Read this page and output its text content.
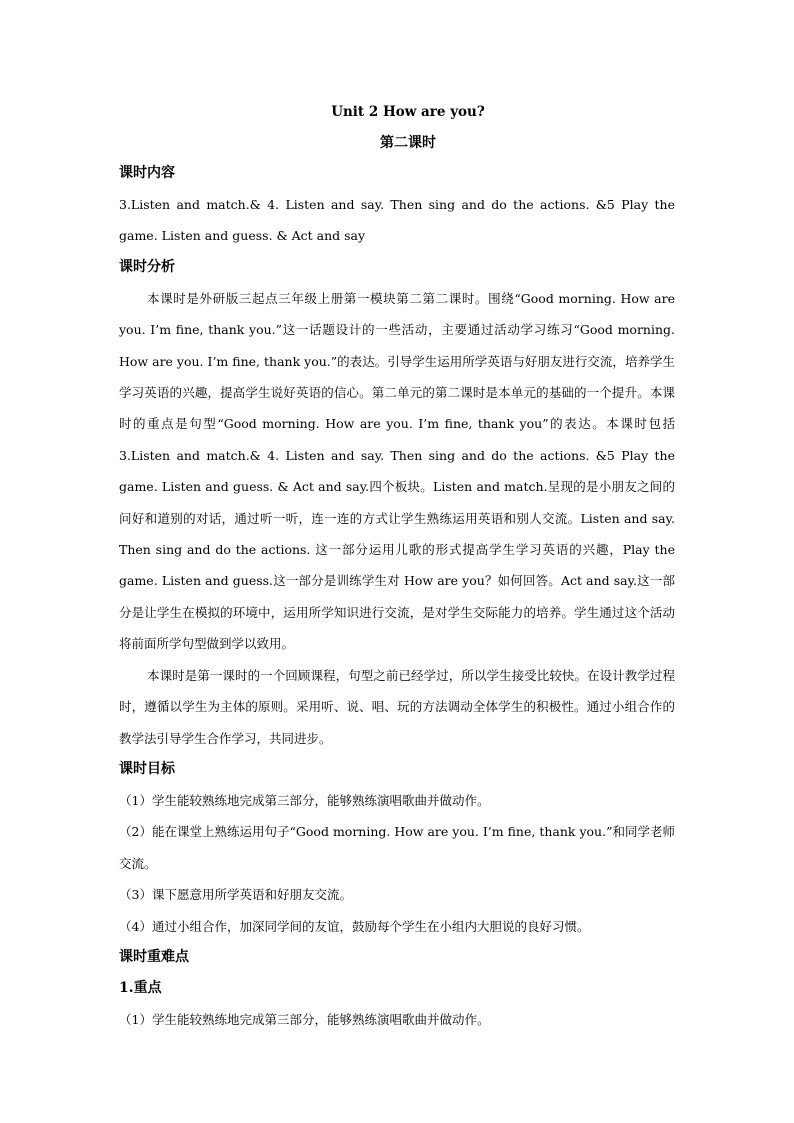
Unit 2 How are you?

第二课时

课时内容

3.Listen and match.& 4. Listen and say. Then sing and do the actions. &5 Play the game. Listen and guess. & Act and say

课时分析

本课时是外研版三起点三年级上册第一模块第二第二课时。围绕“Good morning. How are you. I’m fine, thank you.”这一话题设计的一些活动，主要通过活动学习练习“Good morning. How are you. I’m fine, thank you.”的表达。引导学生运用所学英语与好朋友进行交流，培养学生学习英语的兴趣，提高学生说好英语的信心。第二单元的第二课时是本单元的基础的一个提升。本课时的重点是句型“Good morning. How are you. I’m fine, thank you”的表达。本课时包括 3.Listen and match.& 4. Listen and say. Then sing and do the actions. &5 Play the game. Listen and guess. & Act and say.四个板块。Listen and match.呈现的是小朋友之间的问好和道别的对话，通过听一听，连一连的方式让学生熟练运用英语和别人交流。Listen and say. Then sing and do the actions. 这一部分运用儿歌的形式提高学生学习英语的兴趣，Play the game. Listen and guess.这一部分是训练学生对 How are you？如何回答。Act and say.这一部分是让学生在模拟的环境中，运用所学知识进行交流，是对学生交际能力的培养。学生通过这个活动将前面所学句型做到学以致用。

本课时是第一课时的一个回顾课程，句型之前已经学过，所以学生接受比较快。在设计教学过程时，遵循以学生为主体的原则。采用听、说、唱、玩的方法调动全体学生的积极性。通过小组合作的教学法引导学生合作学习，共同进步。

课时目标

（1）学生能较熟练地完成第三部分，能够熟练演唱歌曲并做动作。

（2）能在课堂上熟练运用句子“Good morning. How are you. I’m fine, thank you.”和同学老师交流。

（3）课下愿意用所学英语和好朋友交流。

（4）通过小组合作，加深同学间的友谊，鼓励每个学生在小组内大胆说的良好习惯。

课时重难点

1.重点

（1）学生能较熟练地完成第三部分，能够熟练演唱歌曲并做动作。
